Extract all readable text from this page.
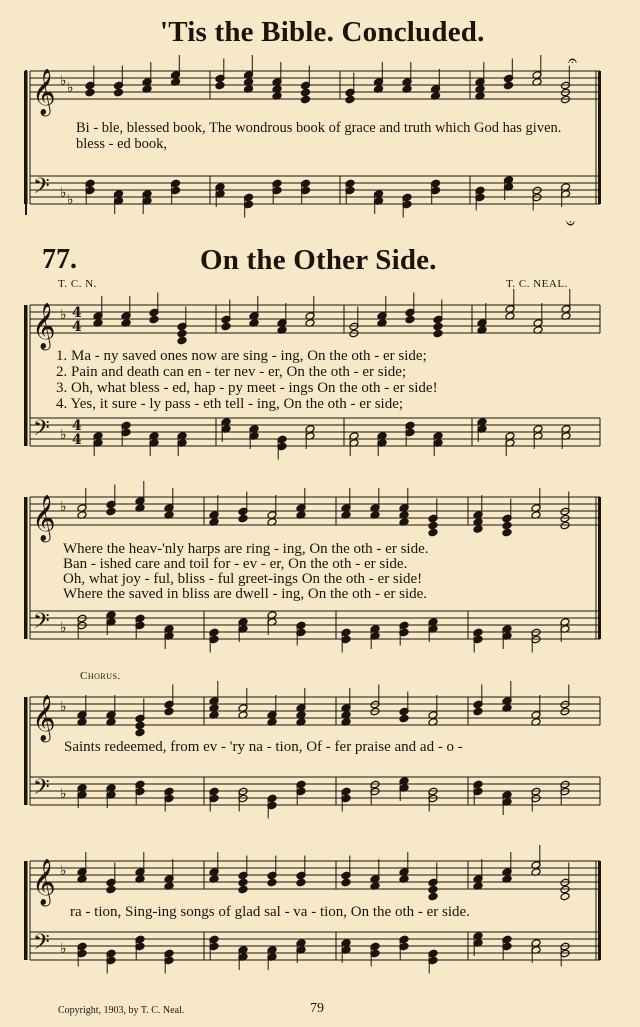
'Tis the Bible. Concluded.
77.	On the Other Side.
T. C. N.	T. C. NEAL.
Bi - ble, blessed book, The wondrous book of grace and truth which God has given.
bless - ed book,
1. Ma - ny saved ones now are sing - ing, On the oth - er side;
2. Pain and death can en - ter nev - er, On the oth - er side;
3. Oh, what bless - ed, hap - py meet - ings On the oth - er side!
4. Yes, it sure - ly pass - eth tell - ing, On the oth - er side;
Where the heav-'nly harps are ring - ing, On the oth - er side.
Ban - ished care and toil for - ev - er, On the oth - er side.
Oh, what joy - ful, bliss - ful greet-ings On the oth - er side!
Where the saved in bliss are dwell - ing, On the oth - er side.
Chorus.
Saints redeemed, from ev - 'ry na - tion, Of - fer praise and ad - o -
ra - tion, Sing-ing songs of glad sal - va - tion, On the oth - er side.
Copyright, 1903, by T. C. Neal.	79
𝄞
𝄢
♭
♭
♭
♭
𝄐
𝄑
𝄞
𝄢
♭
♭
4
4
4
4
𝄞
𝄢
♭
♭
𝄞
𝄢
♭
♭
𝄞
𝄢
♭
♭
